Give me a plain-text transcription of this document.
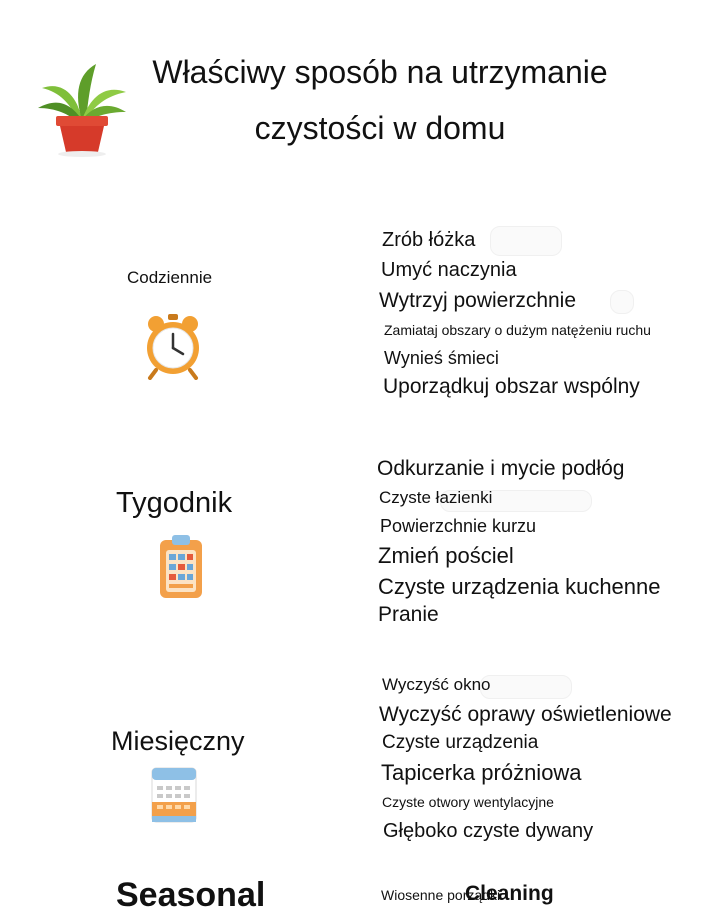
Właściwy sposób na utrzymanie
czystości w domu
Codziennie
Zrób łóżka
Umyć naczynia
Wytrzyj powierzchnie
Zamiataj obszary o dużym natężeniu ruchu
Wynieś śmieci
Uporządkuj obszar wspólny
Tygodnik
Odkurzanie i mycie podłóg
Czyste łazienki
Powierzchnie kurzu
Zmień pościel
Czyste urządzenia kuchenne
Pranie
Miesięczny
Wyczyść okno
Wyczyść oprawy oświetleniowe
Czyste urządzenia
Tapicerka próżniowa
Czyste otwory wentylacyjne
Głęboko czyste dywany
Seasonal	Wiosenne porządki
Cleaning
